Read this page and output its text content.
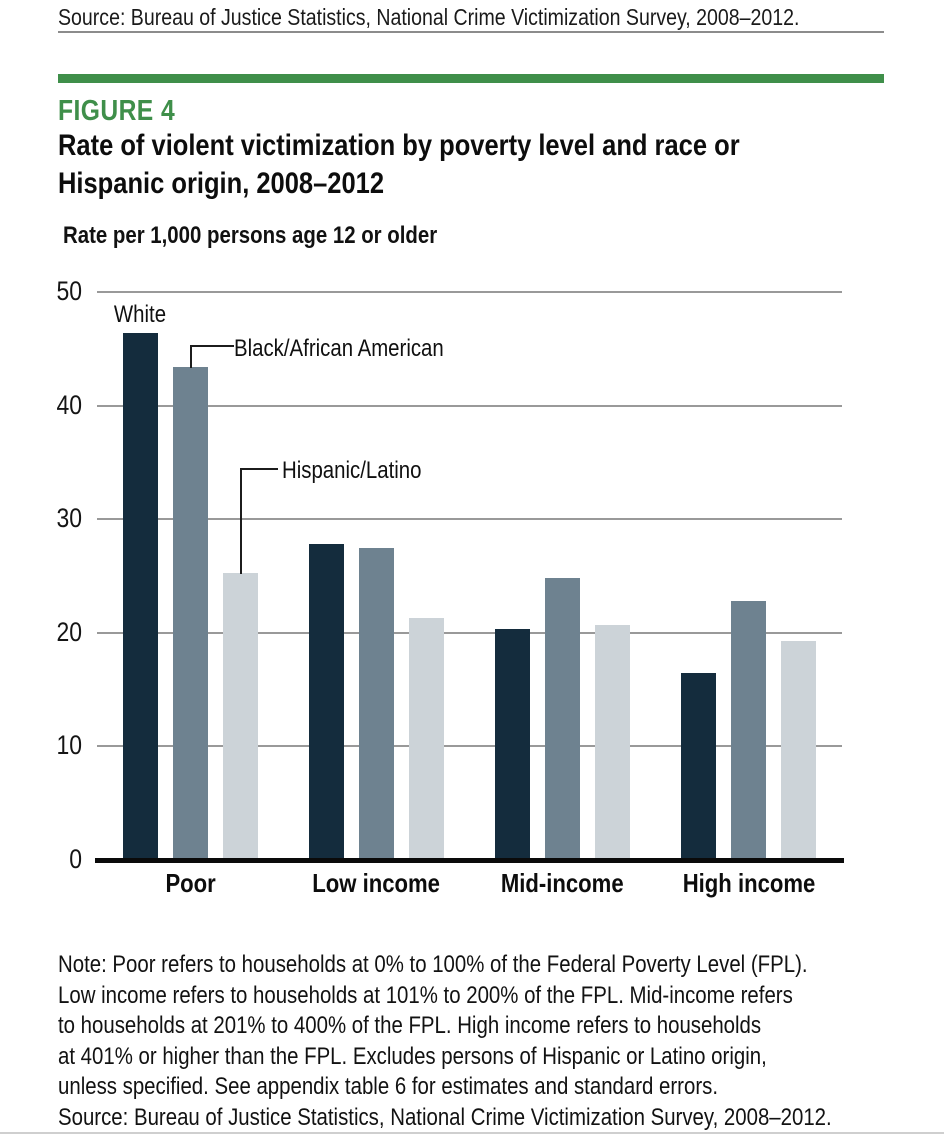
Source: Bureau of Justice Statistics, National Crime Victimization Survey, 2008–2012.
FIGURE 4
Rate of violent victimization by poverty level and race or
Hispanic origin, 2008–2012
Rate per 1,000 persons age 12 or older
0
10
20
30
40
50
Poor	Low income	Mid-income	High income
White
Black/African American
Hispanic/Latino
Note: Poor refers to households at 0% to 100% of the Federal Poverty Level (FPL).
Low income refers to households at 101% to 200% of the FPL. Mid-income refers
to households at 201% to 400% of the FPL. High income refers to households
at 401% or higher than the FPL. Excludes persons of Hispanic or Latino origin,
unless specified. See appendix table 6 for estimates and standard errors.
Source: Bureau of Justice Statistics, National Crime Victimization Survey, 2008–2012.
